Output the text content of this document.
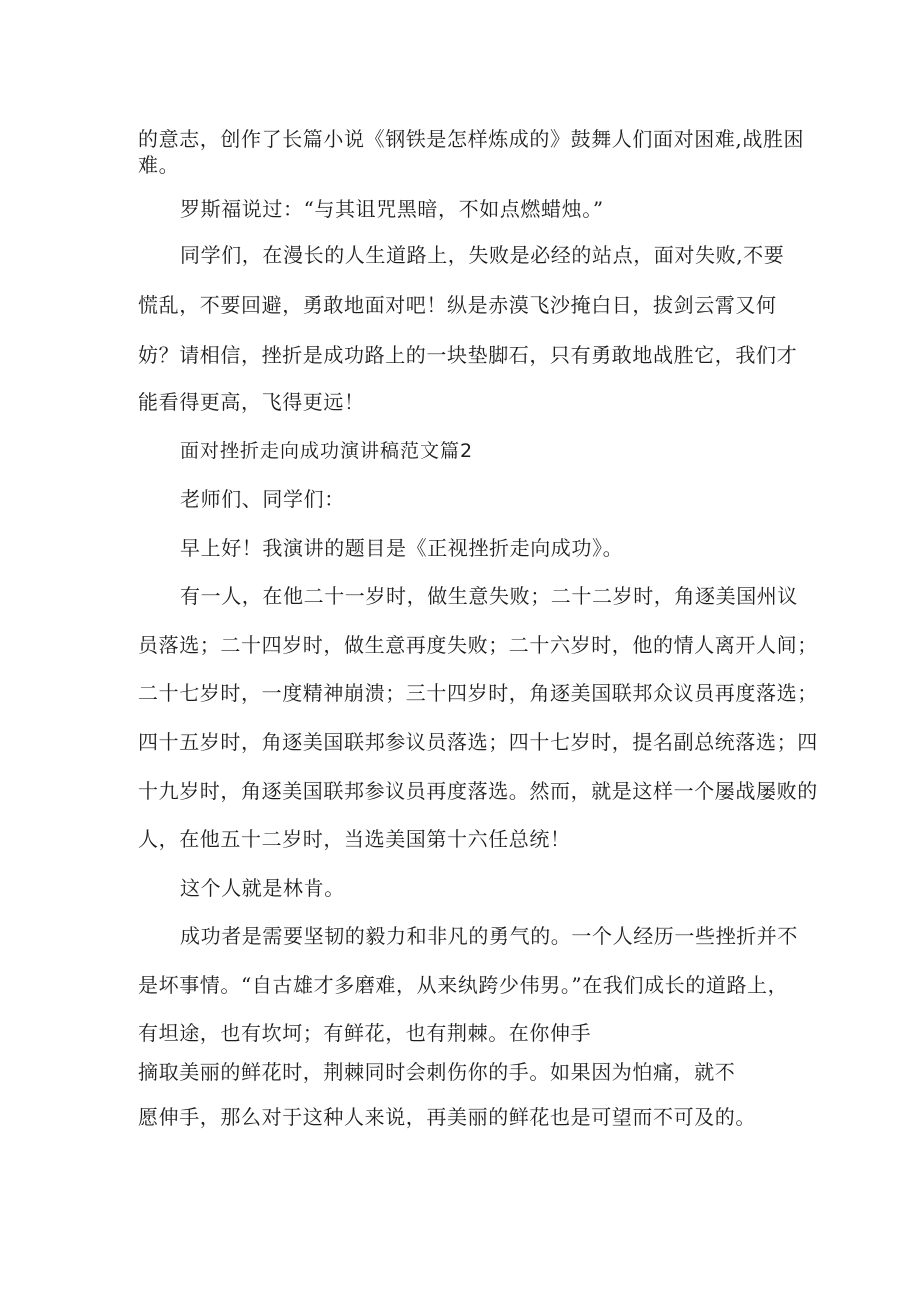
的意志，创作了长篇小说《钢铁是怎样炼成的》鼓舞人们面对困难,战胜困
难。
罗斯福说过：“与其诅咒黑暗，不如点燃蜡烛。”
同学们，在漫长的人生道路上，失败是必经的站点，面对失败,不要
慌乱，不要回避，勇敢地面对吧！纵是赤漠飞沙掩白日，拔剑云霄又何
妨？请相信，挫折是成功路上的一块垫脚石，只有勇敢地战胜它，我们才
能看得更高，飞得更远！
面对挫折走向成功演讲稿范文篇2
老师们、同学们：
早上好！我演讲的题目是《正视挫折走向成功》。
有一人，在他二十一岁时，做生意失败；二十二岁时，角逐美国州议
员落选；二十四岁时，做生意再度失败；二十六岁时，他的情人离开人间；
二十七岁时，一度精神崩溃；三十四岁时，角逐美国联邦众议员再度落选；
四十五岁时，角逐美国联邦参议员落选；四十七岁时，提名副总统落选；四
十九岁时，角逐美国联邦参议员再度落选。然而，就是这样一个屡战屡败的
人，在他五十二岁时，当选美国第十六任总统！
这个人就是林肯。
成功者是需要坚韧的毅力和非凡的勇气的。一个人经历一些挫折并不
是坏事情。“自古雄才多磨难，从来纨跨少伟男。”在我们成长的道路上，
有坦途，也有坎坷；有鲜花，也有荆棘。在你伸手
摘取美丽的鲜花时，荆棘同时会刺伤你的手。如果因为怕痛，就不
愿伸手，那么对于这种人来说，再美丽的鲜花也是可望而不可及的。
